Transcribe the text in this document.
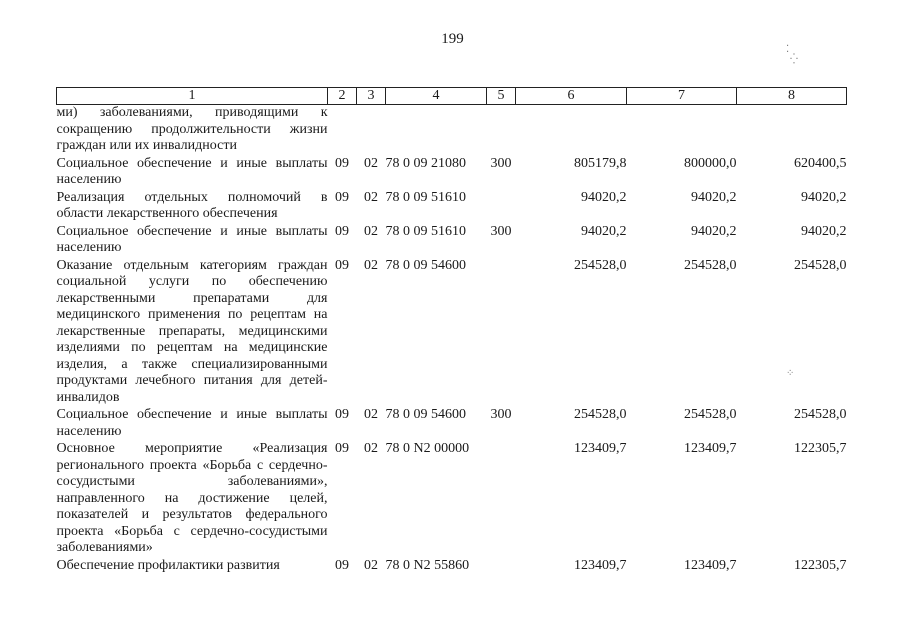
199
⁚
⁛
⁘
1	2	3	4	5	6	7	8
ми) заболеваниями, приводящими к сокращению продолжительности жизни граждан или их инвалидности							
Социальное обеспечение и иные выплаты населению	09	02	78 0 09 21080	300	805179,8	800000,0	620400,5
Реализация отдельных полномочий в области лекарственного обеспечения	09	02	78 0 09 51610		94020,2	94020,2	94020,2
Социальное обеспечение и иные выплаты населению	09	02	78 0 09 51610	300	94020,2	94020,2	94020,2
Оказание отдельным категориям граждан социальной услуги по обеспечению лекарственными препаратами для медицинского применения по рецептам на лекарственные препараты, медицинскими изделиями по рецептам на медицинские изделия, а также специализированными продуктами лечебного питания для детей-инвалидов	09	02	78 0 09 54600		254528,0	254528,0	254528,0
Социальное обеспечение и иные выплаты населению	09	02	78 0 09 54600	300	254528,0	254528,0	254528,0
Основное мероприятие «Реализация регионального проекта «Борьба с сердечно-сосудистыми заболеваниями», направленного на достижение целей, показателей и результатов федерального проекта «Борьба с сердечно-сосудистыми заболеваниями»	09	02	78 0 N2 00000		123409,7	123409,7	122305,7
Обеспечение профилактики развития	09	02	78 0 N2 55860		123409,7	123409,7	122305,7
